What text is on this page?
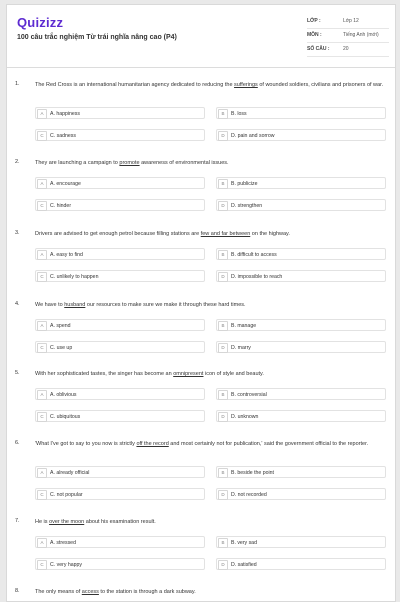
Quizizz
100 câu trắc nghiệm Từ trái nghĩa nâng cao (P4)
LỚP :	Lớp 12
MÔN :	Tiếng Anh (mới)
SỐ CÂU :	20
1.	The Red Cross is an international humanitarian agency dedicated to reducing the sufferings of wounded soldiers, civilians and prisoners of war.
A	A. happiness	B	B. loss
C	C. sadness	D	D. pain and sorrow
2.	They are launching a campaign to promote awareness of environmental issues.
A	A. encourage	B	B. publicize
C	C. hinder	D	D. strengthen
3.	Drivers are advised to get enough petrol because filling stations are few and far between on the highway.
A	A. easy to find	B	B. difficult to access
C	C. unlikely to happen	D	D. impossible to reach
4.	We have to husband our resources to make sure we make it through these hard times.
A	A. spend	B	B. manage
C	C. use up	D	D. marry
5.	With her sophisticated tastes, the singer has become an omnipresent icon of style and beauty.
A	A. oblivious	B	B. controversial
C	C. ubiquitous	D	D. unknown
6.	'What I've got to say to you now is strictly off the record and most certainly not for publication,' said the government official to the reporter.
A	A. already official	B	B. beside the point
C	C. not popular	D	D. not recorded
7.	He is over the moon about his examination result.
A	A. stressed	B	B. very sad
C	C. very happy	D	D. satisfied
8.	The only means of access to the station is through a dark subway.
